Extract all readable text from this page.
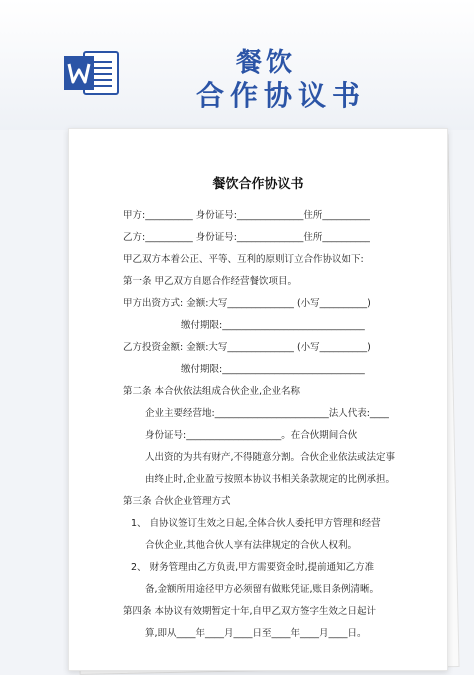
餐饮
合作协议书
餐饮合作协议书
甲方:__________ 身份证号:______________住所__________
乙方:__________ 身份证号:______________住所__________
甲乙双方本着公正、平等、互利的原则订立合作协议如下:
第一条 甲乙双方自愿合作经营餐饮项目。
甲方出资方式: 金额:大写______________ (小写__________)
缴付期限:______________________________
乙方投资金额: 金额:大写______________ (小写__________)
缴付期限:______________________________
第二条 本合伙依法组成合伙企业,企业名称
企业主要经营地:________________________法人代表:____
身份证号:____________________。在合伙期间合伙
人出资的为共有财产,不得随意分割。合伙企业依法或法定事
由终止时,企业盈亏按照本协议书相关条款规定的比例承担。
第三条 合伙企业管理方式
1、 自协议签订生效之日起,全体合伙人委托甲方管理和经营
合伙企业,其他合伙人享有法律规定的合伙人权利。
2、 财务管理由乙方负责,甲方需要资金时,提前通知乙方准
备,金额所用途径甲方必须留有做账凭证,账目条例清晰。
第四条 本协议有效期暂定十年,自甲乙双方签字生效之日起计
算,即从____年____月____日至____年____月____日。
